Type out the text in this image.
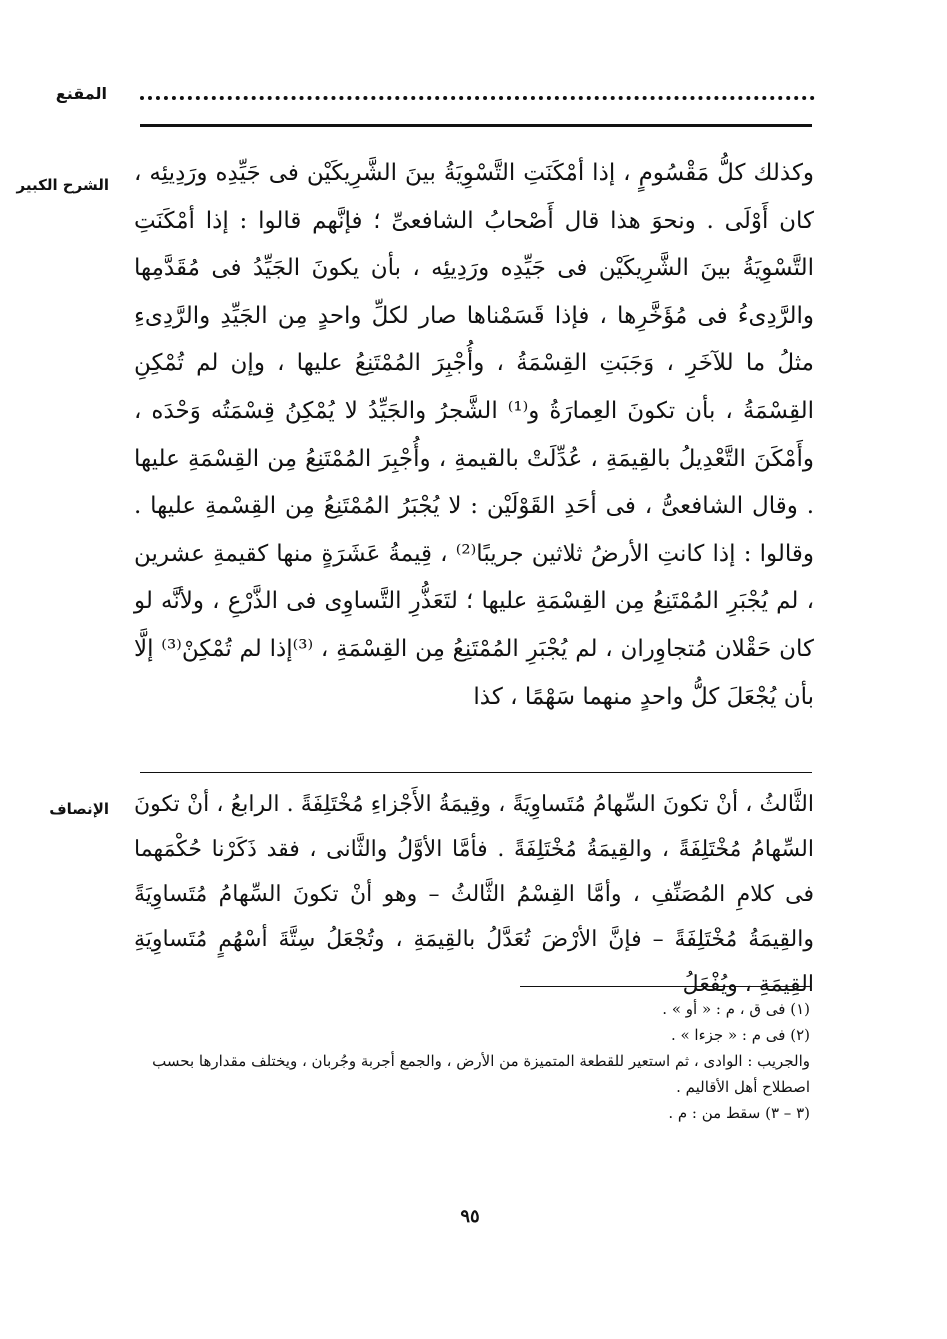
المقنع
الشرح الكبير وكذلك كلُّ مَقْسُومٍ ، إذا أمْكَنَتِ التَّسْوِيَةُ بينَ الشَّرِيكَيْن فى جَيِّدِه ورَدِيئِه ، كان أَوْلَى . ونحوَ هذا قال أَصْحابُ الشافعىِّ ؛ فإنَّهم قالوا : إذا أمْكَنَتِ التَّسْوِيَةُ بينَ الشَّرِيكَيْن فى جَيِّدِه ورَدِيئِه ، بأن يكونَ الجَيِّدُ فى مُقَدَّمِها والرَّدِىءُ فى مُؤَخَّرِها ، فإذا قَسَمْناها صار لكلِّ واحدٍ مِن الجَيِّدِ والرَّدِىءِ مثلُ ما للآخَرِ ، وَجَبَتِ القِسْمَةُ ، وأُجْبِرَ المُمْتَنِعُ عليها ، وإن لم تُمْكِنِ القِسْمَةُ ، بأن تكونَ العِمارَةُ و⁽¹⁾ الشَّجرُ والجَيِّدُ لا يُمْكِنُ قِسْمَتُه وَحْدَه ، وأَمْكَنَ التَّعْدِيلُ بالقِيمَةِ ، عُدِّلَتْ بالقيمةِ ، وأُجْبِرَ المُمْتَنِعُ مِن القِسْمَةِ عليها . وقال الشافعىُّ ، فى أحَدِ القَوْلَيْن : لا يُجْبَرُ المُمْتَنِعُ مِن القِسْمةِ عليها . وقالوا : إذا كانتِ الأرضُ ثلاثين جريبًا⁽²⁾ ، قِيمةُ عَشَرَةٍ منها كقيمةِ عشرين ، لم يُجْبَرِ المُمْتَنِعُ مِن القِسْمَةِ عليها ؛ لتَعَذُّرِ التَّساوِى فى الذَّرْعِ ، ولأنَّه لو كان حَقْلان مُتجاوِران ، لم يُجْبَرِ المُمْتَنِعُ مِن القِسْمَةِ ، ⁽³⁾إذا لم تُمْكِنْ⁽³⁾ إلَّا بأن يُجْعَلَ كلُّ واحدٍ منهما سَهْمًا ، كذا

الإنصاف الثَّالثُ ، أنْ تكونَ السِّهامُ مُتَساوِيَةً ، وقِيمَةُ الأَجْزاءِ مُخْتَلِفَةً . الرابعُ ، أنْ تكونَ السِّهامُ مُخْتَلِفَةً ، والقِيمَةُ مُخْتَلِفَةً . فأمَّا الأوَّلُ والثَّانى ، فقد ذَكَرْنا حُكْمَهما فى كلامِ المُصَنِّفِ ، وأمَّا القِسْمُ الثَّالثُ – وهو أنْ تكونَ السِّهامُ مُتَساوِيَةً والقِيمَةُ مُخْتَلِفَةً – فإنَّ الأرْضَ تُعَدَّلُ بالقِيمَةِ ، وتُجْعَلُ سِتَّةَ أسْهُمٍ مُتَساوِيَةِ القِيمَةِ ، ويُفْعَلُ

(١) فى ق ، م : « أو » .

(٢) فى م : « جزءا » .

والجريب : الوادى ، ثم استعير للقطعة المتميزة من الأرض ، والجمع أجربة وجُربان ، ويختلف مقدارها بحسب اصطلاح أهل الأقاليم .

(٣ – ٣) سقط من : م .

٩٥
